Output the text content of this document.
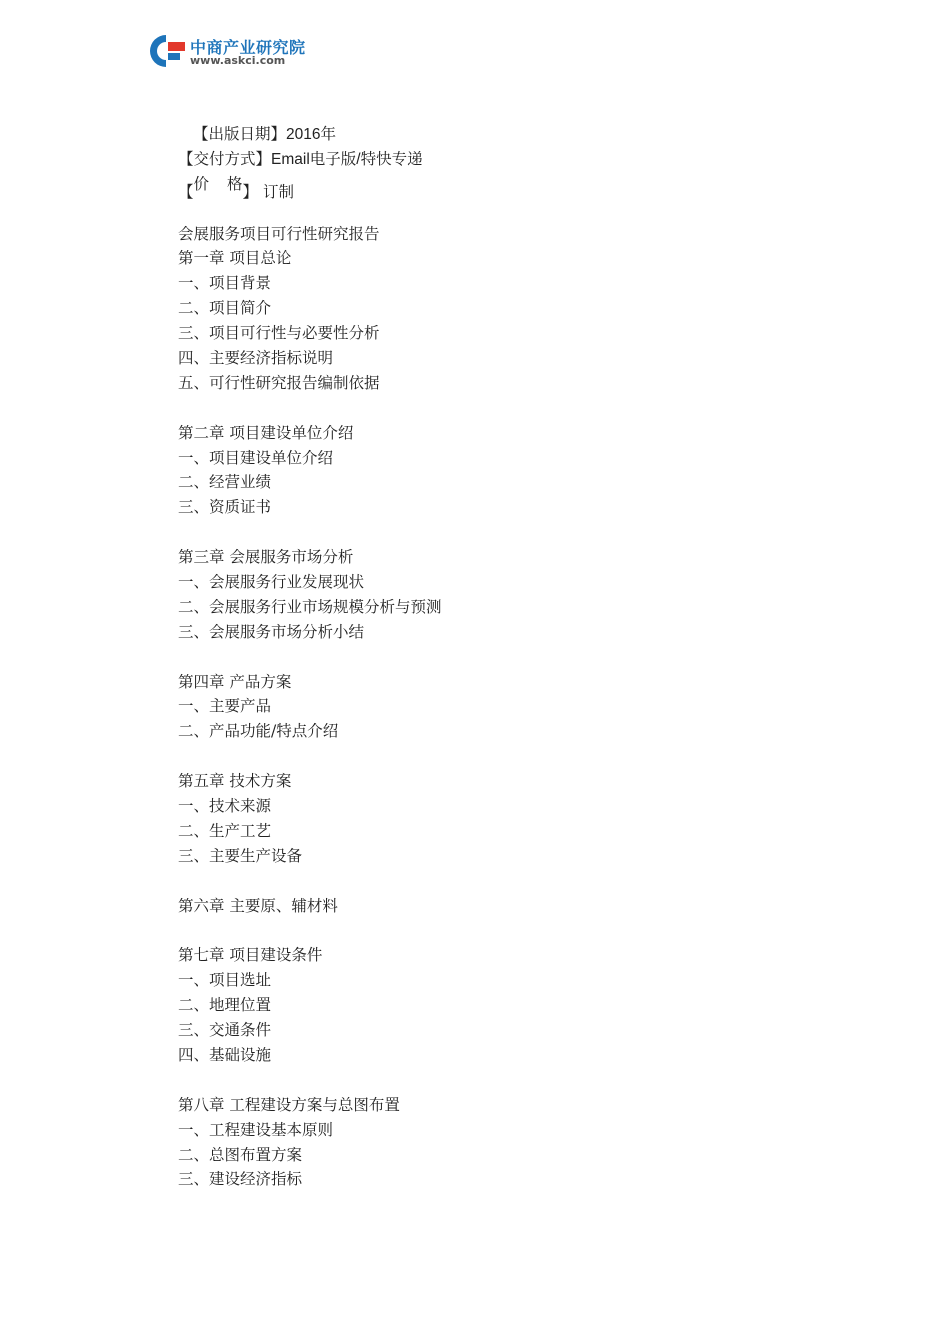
中商产业研究院
www.askci.com
【出版日期】2016年
【交付方式】Email电子版/特快专递
【 价 格 】 订制
会展服务项目可行性研究报告
第一章 项目总论
一、项目背景
二、项目简介
三、项目可行性与必要性分析
四、主要经济指标说明
五、可行性研究报告编制依据
第二章 项目建设单位介绍
一、项目建设单位介绍
二、经营业绩
三、资质证书
第三章 会展服务市场分析
一、会展服务行业发展现状
二、会展服务行业市场规模分析与预测
三、会展服务市场分析小结
第四章 产品方案
一、主要产品
二、产品功能/特点介绍
第五章 技术方案
一、技术来源
二、生产工艺
三、主要生产设备
第六章 主要原、辅材料
第七章 项目建设条件
一、项目选址
二、地理位置
三、交通条件
四、基础设施
第八章 工程建设方案与总图布置
一、工程建设基本原则
二、总图布置方案
三、建设经济指标
